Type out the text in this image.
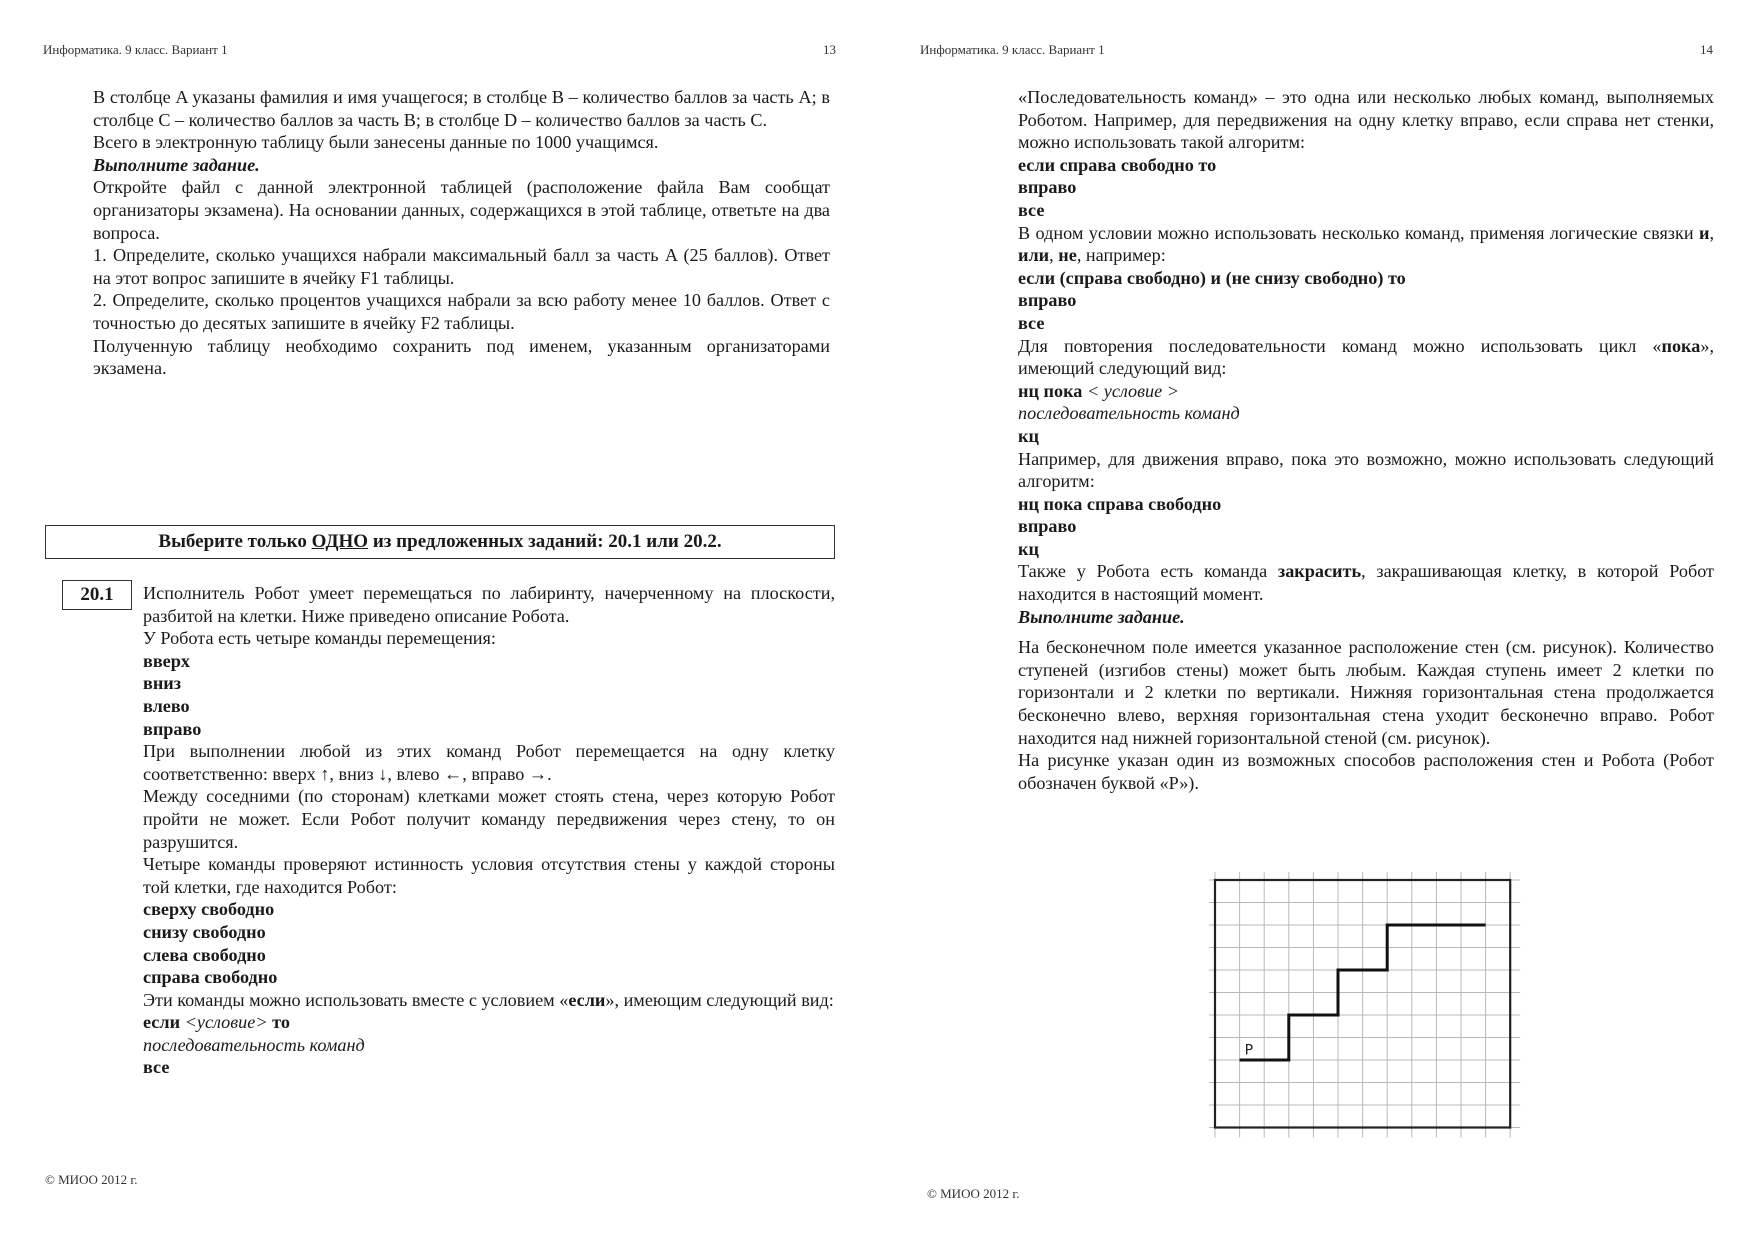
Информатика. 9 класс. Вариант 1	13

В столбце A указаны фамилия и имя учащегося; в столбце B – количество баллов за часть A; в столбце C – количество баллов за часть B; в столбце D – количество баллов за часть C.

Всего в электронную таблицу были занесены данные по 1000 учащимся.

Выполните задание.

Откройте файл с данной электронной таблицей (расположение файла Вам сообщат организаторы экзамена). На основании данных, содержащихся в этой таблице, ответьте на два вопроса.

1. Определите, сколько учащихся набрали максимальный балл за часть A (25 баллов). Ответ на этот вопрос запишите в ячейку F1 таблицы.

2. Определите, сколько процентов учащихся набрали за всю работу менее 10 баллов. Ответ с точностью до десятых запишите в ячейку F2 таблицы.

Полученную таблицу необходимо сохранить под именем, указанным организаторами экзамена.

Выберите только ОДНО из предложенных заданий: 20.1 или 20.2.
20.1	Исполнитель Робот умеет перемещаться по лабиринту, начерченному на плоскости, разбитой на клетки. Ниже приведено описание Робота.

У Робота есть четыре команды перемещения:

вверх

вниз

влево

вправо

При выполнении любой из этих команд Робот перемещается на одну клетку соответственно: вверх ↑, вниз ↓, влево ←, вправо →.

Между соседними (по сторонам) клетками может стоять стена, через которую Робот пройти не может. Если Робот получит команду передвижения через стену, то он разрушится.

Четыре команды проверяют истинность условия отсутствия стены у каждой стороны той клетки, где находится Робот:

сверху свободно

снизу свободно

слева свободно

справа свободно

Эти команды можно использовать вместе с условием «если», имеющим следующий вид:

если <условие> то

последовательность команд

все

© МИОО 2012 г.
Информатика. 9 класс. Вариант 1	14

«Последовательность команд» – это одна или несколько любых команд, выполняемых Роботом. Например, для передвижения на одну клетку вправо, если справа нет стенки, можно использовать такой алгоритм:

если справа свободно то

вправо

все

В одном условии можно использовать несколько команд, применяя логические связки и, или, не, например:

если (справа свободно) и (не снизу свободно) то

вправо

все

Для повторения последовательности команд можно использовать цикл «пока», имеющий следующий вид:

нц пока < условие >

последовательность команд

кц

Например, для движения вправо, пока это возможно, можно использовать следующий алгоритм:

нц пока справа свободно

вправо

кц

Также у Робота есть команда закрасить, закрашивающая клетку, в которой Робот находится в настоящий момент.

Выполните задание.

На бесконечном поле имеется указанное расположение стен (см. рисунок). Количество ступеней (изгибов стены) может быть любым. Каждая ступень имеет 2 клетки по горизонтали и 2 клетки по вертикали. Нижняя горизонтальная стена продолжается бесконечно влево, верхняя горизонтальная стена уходит бесконечно вправо. Робот находится над нижней горизонтальной стеной (см. рисунок).

На рисунке указан один из возможных способов расположения стен и Робота (Робот обозначен буквой «Р»).

© МИОО 2012 г.
Р
